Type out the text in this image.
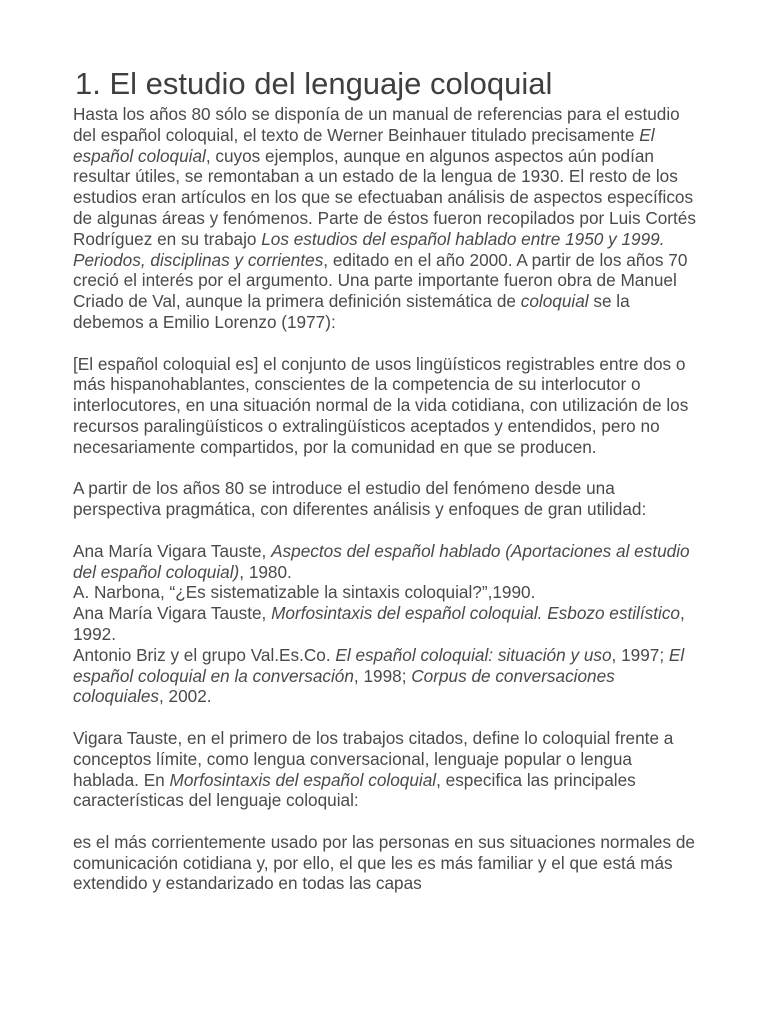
1. El estudio del lenguaje coloquial

Hasta los años 80 sólo se disponía de un manual de referencias para el estudio del español coloquial, el texto de Werner Beinhauer titulado precisamente El español coloquial, cuyos ejemplos, aunque en algunos aspectos aún podían resultar útiles, se remontaban a un estado de la lengua de 1930. El resto de los estudios eran artículos en los que se efectuaban análisis de aspectos específicos de algunas áreas y fenómenos. Parte de éstos fueron recopilados por Luis Cortés Rodríguez en su trabajo Los estudios del español hablado entre 1950 y 1999. Periodos, disciplinas y corrientes, editado en el año 2000. A partir de los años 70 creció el interés por el argumento. Una parte importante fueron obra de Manuel Criado de Val, aunque la primera definición sistemática de coloquial se la debemos a Emilio Lorenzo (1977):

[El español coloquial es] el conjunto de usos lingüísticos registrables entre dos o más hispanohablantes, conscientes de la competencia de su interlocutor o interlocutores, en una situación normal de la vida cotidiana, con utilización de los recursos paralingüísticos o extralingüísticos aceptados y entendidos, pero no necesariamente compartidos, por la comunidad en que se producen.

A partir de los años 80 se introduce el estudio del fenómeno desde una perspectiva pragmática, con diferentes análisis y enfoques de gran utilidad:

Ana María Vigara Tauste, Aspectos del español hablado (Aportaciones al estudio del español coloquial), 1980.

A. Narbona, “¿Es sistematizable la sintaxis coloquial?”,1990.

Ana María Vigara Tauste, Morfosintaxis del español coloquial. Esbozo estilístico, 1992.

Antonio Briz y el grupo Val.Es.Co. El español coloquial: situación y uso, 1997; El español coloquial en la conversación, 1998; Corpus de conversaciones coloquiales, 2002.

Vigara Tauste, en el primero de los trabajos citados, define lo coloquial frente a conceptos límite, como lengua conversacional, lenguaje popular o lengua hablada. En Morfosintaxis del español coloquial, especifica las principales características del lenguaje coloquial:

es el más corrientemente usado por las personas en sus situaciones normales de comunicación cotidiana y, por ello, el que les es más familiar y el que está más extendido y estandarizado en todas las capas
